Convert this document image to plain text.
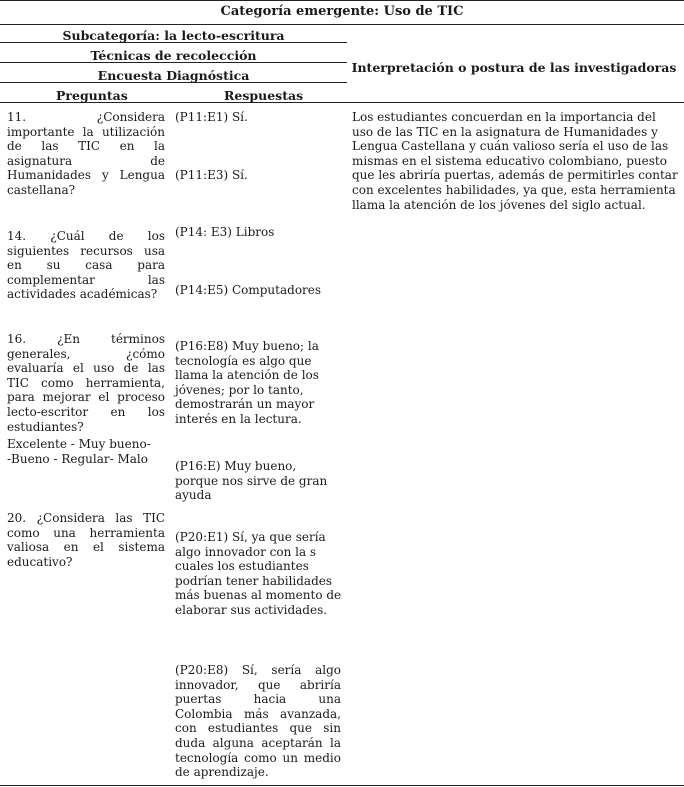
Categoría emergente: Uso de TIC
Subcategoría: la lecto-escritura
Técnicas de recolección
Encuesta Diagnóstica
Preguntas	Respuestas
Interpretación o postura de las investigadoras
11. ¿Considera importante la utilización de las TIC en la asignatura de Humanidades y Lengua castellana?
14. ¿Cuál de los siguientes recursos usa en su casa para complementar las actividades académicas?
16. ¿En términos generales, ¿cómo evaluaría el uso de las TIC como herramienta, para mejorar el proceso lecto-escritor en los estudiantes?
Excelente - Muy bueno- -Bueno - Regular- Malo
20. ¿Considera las TIC como una herramienta valiosa en el sistema educativo?
(P11:E1) Sí.
(P11:E3) Sí.
(P14: E3) Libros
(P14:E5) Computadores
(P16:E8) Muy bueno; la tecnología es algo que llama la atención de los jóvenes; por lo tanto, demostrarán un mayor interés en la lectura.
(P16:E) Muy bueno, porque nos sirve de gran ayuda
(P20:E1) Sí, ya que sería algo innovador con la s cuales los estudiantes podrían tener habilidades más buenas al momento de elaborar sus actividades.
(P20:E8) Sí, sería algo innovador, que abriría puertas hacia una Colombia más avanzada, con estudiantes que sin duda alguna aceptarán la tecnología como un medio de aprendizaje.
Los estudiantes concuerdan en la importancia del uso de las TIC en la asignatura de Humanidades y Lengua Castellana y cuán valioso sería el uso de las mismas en el sistema educativo colombiano, puesto que les abriría puertas, además de permitirles contar con excelentes habilidades, ya que, esta herramienta llama la atención de los jóvenes del siglo actual.
